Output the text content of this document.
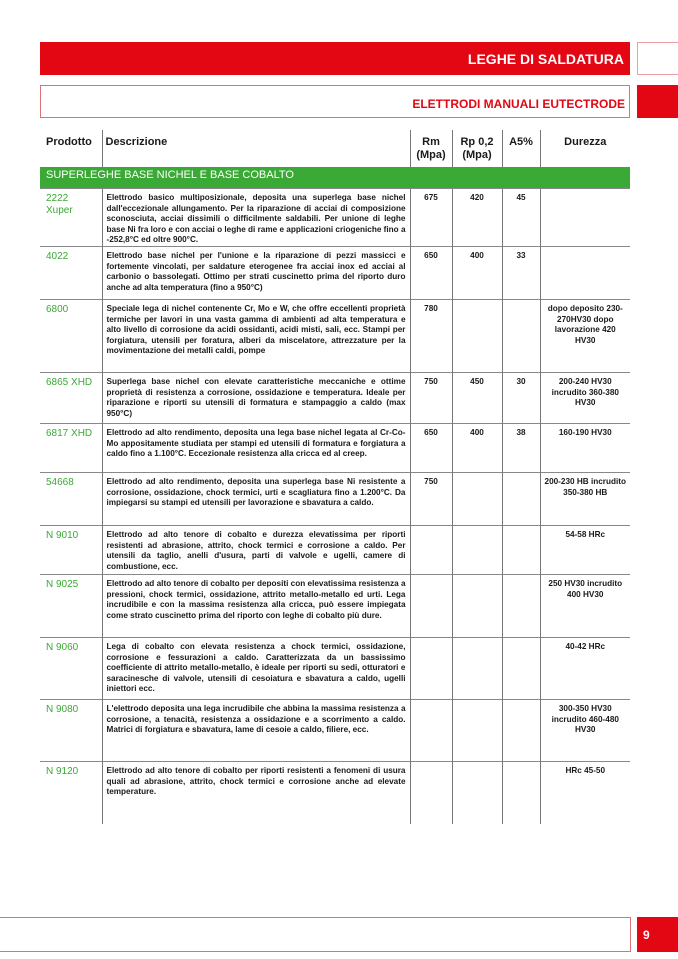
LEGHE DI SALDATURA
ELETTRODI MANUALI EUTECTRODE
Prodotto	Descrizione	Rm (Mpa)	Rp 0,2 (Mpa)	A5%	Durezza
SUPERLEGHE BASE NICHEL E BASE COBALTO					
2222 Xuper	Elettrodo basico multiposizionale, deposita una superlega base nichel dall'eccezionale allungamento. Per la riparazione di acciai di composizione sconosciuta, acciai dissimili o difficilmente saldabili. Per unione di leghe base Ni fra loro e con acciai o leghe di rame e applicazioni criogeniche fino a -252,8°C ed oltre 900°C.	675	420	45	
4022	Elettrodo base nichel per l'unione e la riparazione di pezzi massicci e fortemente vincolati, per saldature eterogenee fra acciai inox ed acciai al carbonio o bassolegati. Ottimo per strati cuscinetto prima del riporto duro anche ad alta temperatura (fino a 950°C)	650	400	33	
6800	Speciale lega di nichel contenente Cr, Mo e W, che offre eccellenti proprietà termiche per lavori in una vasta gamma di ambienti ad alta temperatura e alto livello di corrosione da acidi ossidanti, acidi misti, sali, ecc. Stampi per forgiatura, utensili per foratura, alberi da miscelatore, attrezzature per la movimentazione dei metalli caldi, pompe	780			dopo deposito 230-270HV30 dopo lavorazione 420 HV30
6865 XHD	Superlega base nichel con elevate caratteristiche meccaniche e ottime proprietà di resistenza a corrosione, ossidazione e temperatura. Ideale per riparazione e riporti su utensili di formatura e stampaggio a caldo (max 950°C)	750	450	30	200-240 HV30 incrudito 360-380 HV30
6817 XHD	Elettrodo ad alto rendimento, deposita una lega base nichel legata al Cr-Co-Mo appositamente studiata per stampi ed utensili di formatura e forgiatura a caldo fino a 1.100°C. Eccezionale resistenza alla cricca ed al creep.	650	400	38	160-190 HV30
54668	Elettrodo ad alto rendimento, deposita una superlega base Ni resistente a corrosione, ossidazione, chock termici, urti e scagliatura fino a 1.200°C. Da impiegarsi su stampi ed utensili per lavorazione e sbavatura a caldo.	750			200-230 HB incrudito 350-380 HB
N 9010	Elettrodo ad alto tenore di cobalto e durezza elevatissima per riporti resistenti ad abrasione, attrito, chock termici e corrosione a caldo. Per utensili da taglio, anelli d'usura, parti di valvole e ugelli, camere di combustione, ecc.				54-58 HRc
N 9025	Elettrodo ad alto tenore di cobalto per depositi con elevatissima resistenza a pressioni, chock termici, ossidazione, attrito metallo-metallo ed urti. Lega incrudibile e con la massima resistenza alla cricca, può essere impiegata come strato cuscinetto prima del riporto con leghe di cobalto più dure.				250 HV30 incrudito 400 HV30
N 9060	Lega di cobalto con elevata resistenza a chock termici, ossidazione, corrosione e fessurazioni a caldo. Caratterizzata da un bassissimo coefficiente di attrito metallo-metallo, è ideale per riporti su sedi, otturatori e saracinesche di valvole, utensili di cesoiatura e sbavatura a caldo, ugelli iniettori ecc.				40-42 HRc
N 9080	L'elettrodo deposita una lega incrudibile che abbina la massima resistenza a corrosione, a tenacità, resistenza a ossidazione e a scorrimento a caldo. Matrici di forgiatura e sbavatura, lame di cesoie a caldo, filiere, ecc.				300-350 HV30 incrudito 460-480 HV30
N 9120	Elettrodo ad alto tenore di cobalto per riporti resistenti a fenomeni di usura quali ad abrasione, attrito, chock termici e corrosione anche ad elevate temperature.				HRc 45-50
9
